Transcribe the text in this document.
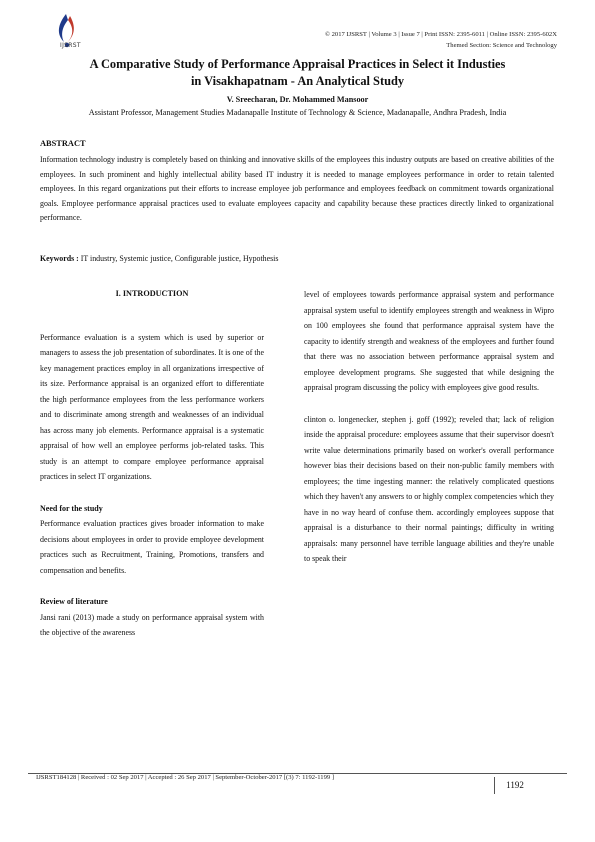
IJSRST
© 2017 IJSRST | Volume 3 | Issue 7 | Print ISSN: 2395-6011 | Online ISSN: 2395-602X
Themed Section: Science and Technology
A Comparative Study of Performance Appraisal Practices in Select it Industies
in Visakhapatnam - An Analytical Study
V. Sreecharan, Dr. Mohammed Mansoor
Assistant Professor, Management Studies Madanapalle Institute of Technology & Science, Madanapalle, Andhra Pradesh, India
ABSTRACT

Information technology industry is completely based on thinking and innovative skills of the employees this industry outputs are based on creative abilities of the employees. In such prominent and highly intellectual ability based IT industry it is needed to manage employees performance in order to retain talented employees. In this regard organizations put their efforts to increase employee job performance and employees feedback on commitment towards organizational goals. Employee performance appraisal practices used to evaluate employees capacity and capability because these practices directly linked to organizational performance.

Keywords : IT industry, Systemic justice, Configurable justice, Hypothesis
I. INTRODUCTION

Performance evaluation is a system which is used by superior or managers to assess the job presentation of subordinates. It is one of the key management practices employ in all organizations irrespective of its size. Performance appraisal is an organized effort to differentiate the high performance employees from the less performance workers and to discriminate among strength and weaknesses of an individual has across many job elements. Performance appraisal is a systematic appraisal of how well an employee performs job-related tasks. This study is an attempt to compare employee performance appraisal practices in select IT organizations.

Need for the study

Performance evaluation practices gives broader information to make decisions about employees in order to provide employee development practices such as Recruitment, Training, Promotions, transfers and compensation and benefits.

Review of literature

Jansi rani (2013) made a study on performance appraisal system with the objective of the awareness

level of employees towards performance appraisal system and performance appraisal system useful to identify employees strength and weakness in Wipro on 100 employees she found that performance appraisal system have the capacity to identify strength and weakness of the employees and further found that there was no association between performance appraisal system and employee development programs. She suggested that while designing the appraisal program discussing the policy with employees give good results.

clinton o. longenecker, stephen j. goff (1992); reveled that; lack of religion inside the appraisal procedure: employees assume that their supervisor doesn't write value determinations primarily based on worker's overall performance however bias their decisions based on their non-public family members with employees; the time ingesting manner: the relatively complicated questions which they haven't any answers to or highly complex competencies which they have in no way heard of confuse them. accordingly employees suppose that appraisal is a disturbance to their normal paintings; difficulty in writing appraisals: many personnel have terrible language abilities and they're unable to speak their

IJSRST184128 | Received : 02 Sep 2017 | Accepted : 26 Sep 2017 | September-October-2017 [(3) 7: 1192-1199 ]
1192
